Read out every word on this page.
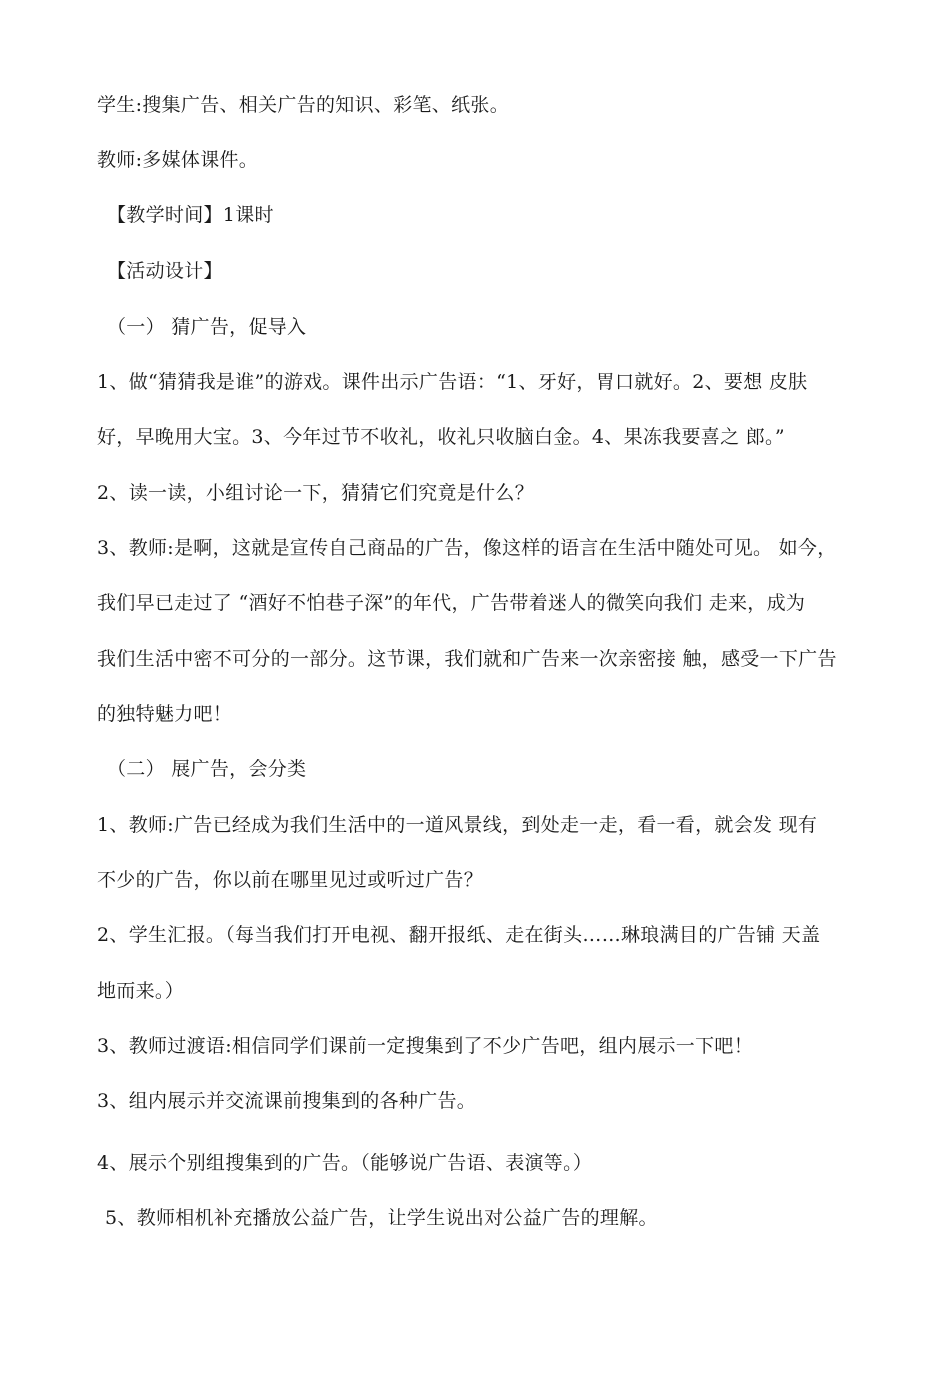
学生:搜集广告、相关广告的知识、彩笔、纸张。
教师:多媒体课件。
【教学时间】1课时
【活动设计】
（一） 猜广告，促导入
1、做“猜猜我是谁”的游戏。课件出示广告语：“1、牙好，胃口就好。2、要想 皮肤
好，早晚用大宝。3、今年过节不收礼，收礼只收脑白金。4、果冻我要喜之 郎。”
2、读一读，小组讨论一下，猜猜它们究竟是什么？
3、教师:是啊，这就是宣传自己商品的广告，像这样的语言在生活中随处可见。 如今，
我们早已走过了 “酒好不怕巷子深”的年代，广告带着迷人的微笑向我们 走来，成为
我们生活中密不可分的一部分。这节课，我们就和广告来一次亲密接 触，感受一下广告
的独特魅力吧！
（二） 展广告，会分类
1、教师:广告已经成为我们生活中的一道风景线，到处走一走，看一看，就会发 现有
不少的广告，你以前在哪里见过或听过广告？
2、学生汇报。（每当我们打开电视、翻开报纸、走在街头……琳琅满目的广告铺 天盖
地而来。）
3、教师过渡语:相信同学们课前一定搜集到了不少广告吧，组内展示一下吧！
3、组内展示并交流课前搜集到的各种广告。
4、展示个别组搜集到的广告。（能够说广告语、表演等。）
5、教师相机补充播放公益广告，让学生说出对公益广告的理解。
